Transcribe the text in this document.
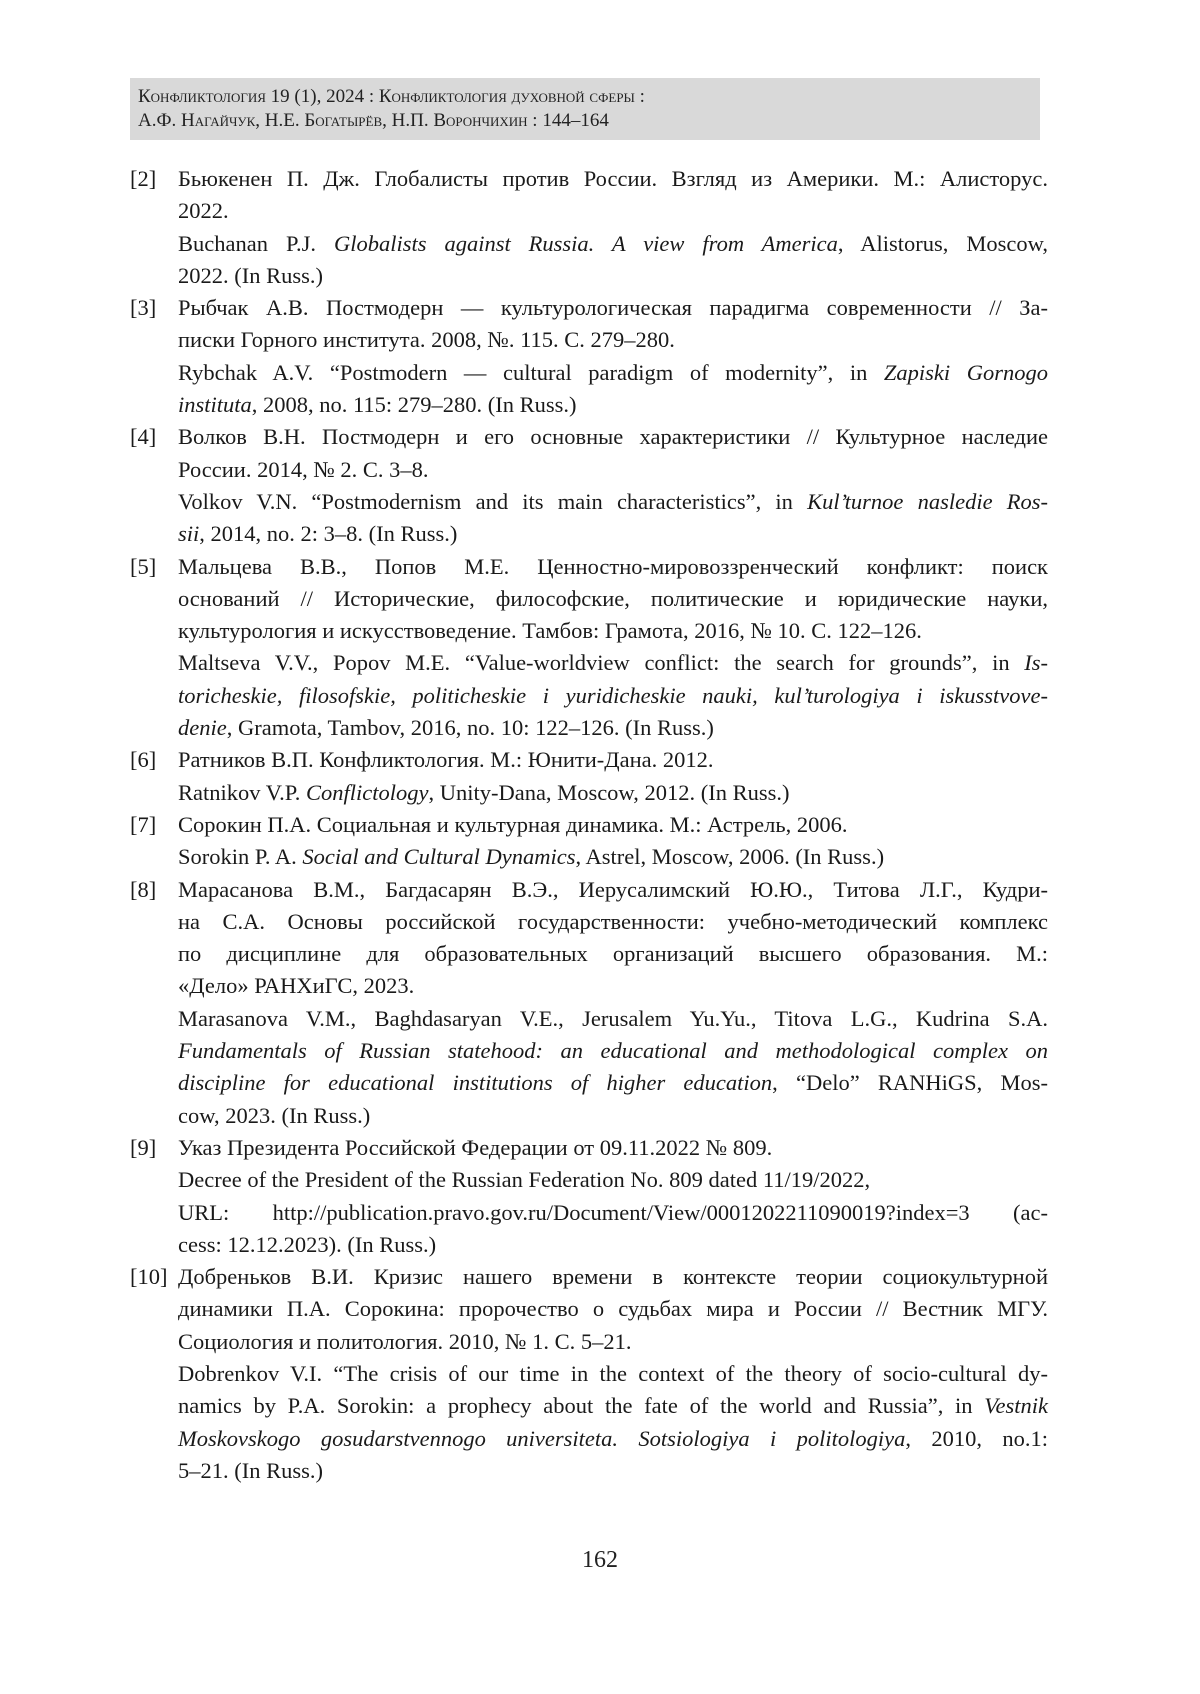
Конфликтология 19 (1), 2024 : Конфликтология духовной сферы :
А.Ф. Нагайчук, Н.Е. Богатырёв, Н.П. Ворончихин : 144–164
[2] Бьюкенен П. Дж. Глобалисты против России. Взгляд из Америки. М.: Алисторус.
2022.
Buchanan P.J. Globalists against Russia. A view from America, Alistorus, Moscow,
2022. (In Russ.)
[3] Рыбчак А.В. Постмодерн — культурологическая парадигма современности // За-
писки Горного института. 2008, №. 115. С. 279–280.
Rybchak A.V. “Postmodern — cultural paradigm of modernity”, in Zapiski Gornogo
instituta, 2008, no. 115: 279–280. (In Russ.)
[4] Волков В.Н. Постмодерн и его основные характеристики // Культурное наследие
России. 2014, № 2. С. 3–8.
Volkov V.N. “Postmodernism and its main characteristics”, in Kul’turnoe nasledie Ros-
sii, 2014, no. 2: 3–8. (In Russ.)
[5] Мальцева В.В., Попов М.Е. Ценностно-мировоззренческий конфликт: поиск
оснований // Исторические, философские, политические и юридические науки,
культурология и искусствоведение. Тамбов: Грамота, 2016, № 10. С. 122–126.
Maltseva V.V., Popov M.E. “Value-worldview conflict: the search for grounds”, in Is-
toricheskie, filosofskie, politicheskie i yuridicheskie nauki, kul’turologiya i iskusstvove-
denie, Gramota, Tambov, 2016, no. 10: 122–126. (In Russ.)
[6] Ратников В.П. Конфликтология. М.: Юнити-Дана. 2012.
Ratnikov V.P. Conflictology, Unity-Dana, Moscow, 2012. (In Russ.)
[7] Сорокин П.А. Социальная и культурная динамика. М.: Астрель, 2006.
Sorokin P. A. Social and Cultural Dynamics, Astrel, Moscow, 2006. (In Russ.)
[8] Марасанова В.М., Багдасарян В.Э., Иерусалимский Ю.Ю., Титова Л.Г., Кудри-
на С.А. Основы российской государственности: учебно-методический комплекс
по дисциплине для образовательных организаций высшего образования. М.:
«Дело» РАНХиГС, 2023.
Marasanova V.M., Baghdasaryan V.E., Jerusalem Yu.Yu., Titova L.G., Kudrina S.A.
Fundamentals of Russian statehood: an educational and methodological complex on
discipline for educational institutions of higher education, “Delo” RANHiGS, Mos-
cow, 2023. (In Russ.)
[9] Указ Президента Российской Федерации от 09.11.2022 № 809.
Decree of the President of the Russian Federation No. 809 dated 11/19/2022,
URL: http://publication.pravo.gov.ru/Document/View/0001202211090019?index=3 (ac-
cess: 12.12.2023). (In Russ.)
[10] Добреньков В.И. Кризис нашего времени в контексте теории социокультурной
динамики П.А. Сорокина: пророчество о судьбах мира и России // Вестник МГУ.
Социология и политология. 2010, № 1. С. 5–21.
Dobrenkov V.I. “The crisis of our time in the context of the theory of socio-cultural dy-
namics by P.A. Sorokin: a prophecy about the fate of the world and Russia”, in Vestnik
Moskovskogo gosudarstvennogo universiteta. Sotsiologiya i politologiya, 2010, no.1:
5–21. (In Russ.)
162
